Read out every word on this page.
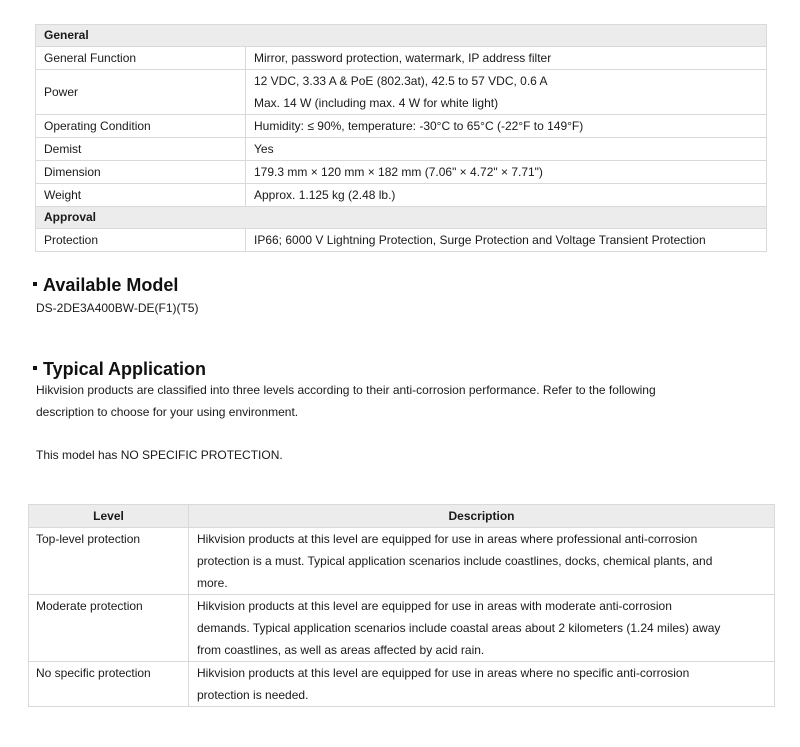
General	
General Function	Mirror, password protection, watermark, IP address filter
Power	12 VDC, 3.33 A & PoE (802.3at), 42.5 to 57 VDC, 0.6 A
Max. 14 W (including max. 4 W for white light)

Operating Condition	Humidity: ≤ 90%, temperature: -30°C to 65°C (-22°F to 149°F)
Demist	Yes
Dimension	179.3 mm × 120 mm × 182 mm (7.06" × 4.72" × 7.71")
Weight	Approx. 1.125 kg (2.48 lb.)
Approval	
Protection	IP66; 6000 V Lightning Protection, Surge Protection and Voltage Transient Protection
Available Model
DS-2DE3A400BW-DE(F1)(T5)
Typical Application
Hikvision products are classified into three levels according to their anti-corrosion performance. Refer to the following
description to choose for your using environment.
This model has NO SPECIFIC PROTECTION.
Level	Description
Top-level protection	Hikvision products at this level are equipped for use in areas where professional anti-corrosion
protection is a must. Typical application scenarios include coastlines, docks, chemical plants, and
more.

Moderate protection	Hikvision products at this level are equipped for use in areas with moderate anti-corrosion
demands. Typical application scenarios include coastal areas about 2 kilometers (1.24 miles) away
from coastlines, as well as areas affected by acid rain.

No specific protection	Hikvision products at this level are equipped for use in areas where no specific anti-corrosion
protection is needed.
